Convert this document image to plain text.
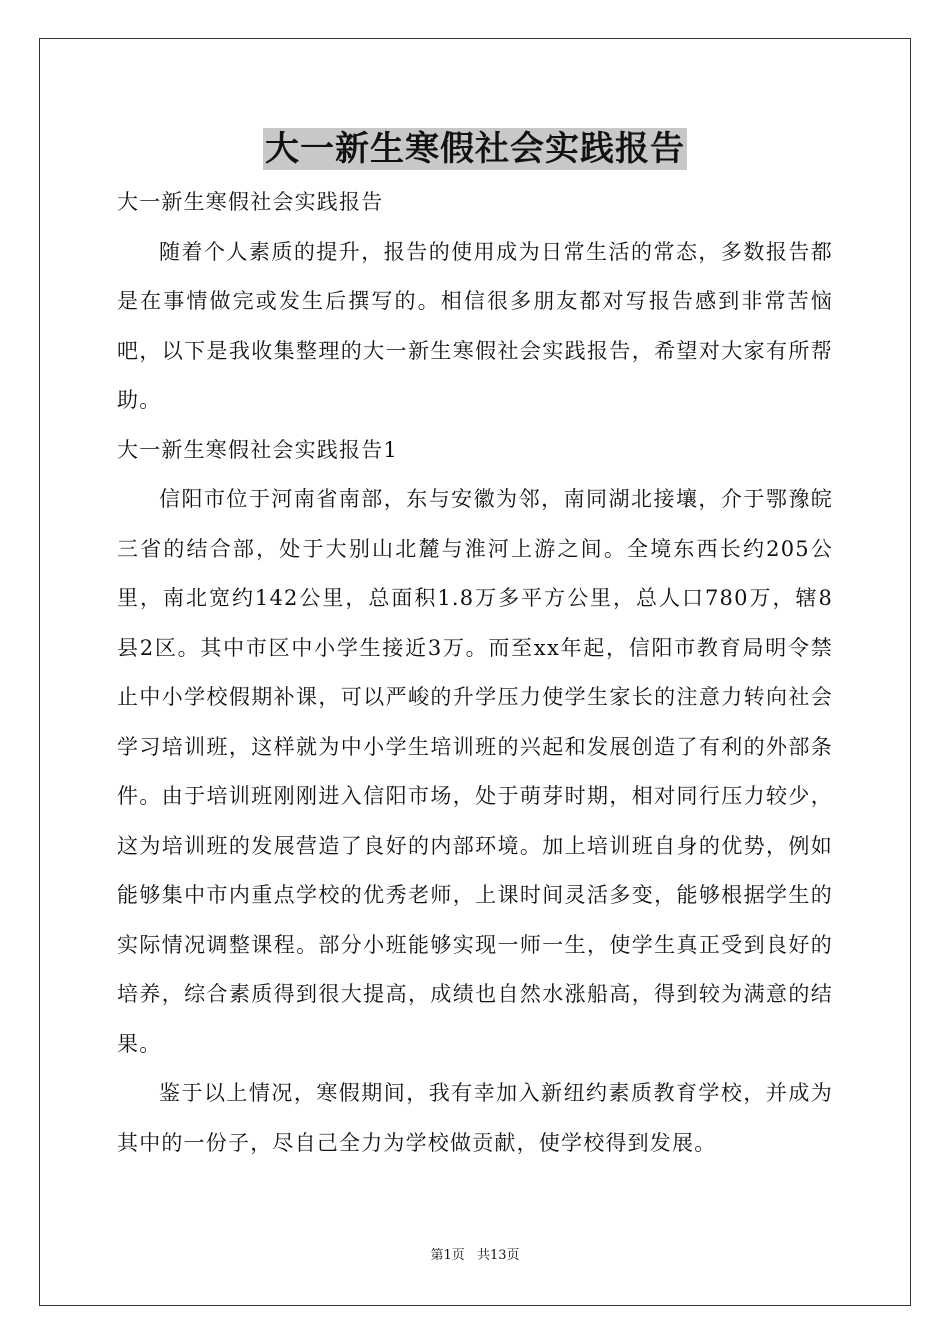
大一新生寒假社会实践报告

大一新生寒假社会实践报告

随着个人素质的提升，报告的使用成为日常生活的常态，多数报告都是在事情做完或发生后撰写的。相信很多朋友都对写报告感到非常苦恼吧，以下是我收集整理的大一新生寒假社会实践报告，希望对大家有所帮助。

大一新生寒假社会实践报告1

信阳市位于河南省南部，东与安徽为邻，南同湖北接壤，介于鄂豫皖三省的结合部，处于大别山北麓与淮河上游之间。全境东西长约205公里，南北宽约142公里，总面积1.8万多平方公里，总人口780万，辖8县2区。其中市区中小学生接近3万。而至xx年起，信阳市教育局明令禁止中小学校假期补课，可以严峻的升学压力使学生家长的注意力转向社会学习培训班，这样就为中小学生培训班的兴起和发展创造了有利的外部条件。由于培训班刚刚进入信阳市场，处于萌芽时期，相对同行压力较少，这为培训班的发展营造了良好的内部环境。加上培训班自身的优势，例如能够集中市内重点学校的优秀老师，上课时间灵活多变，能够根据学生的实际情况调整课程。部分小班能够实现一师一生，使学生真正受到良好的培养，综合素质得到很大提高，成绩也自然水涨船高，得到较为满意的结果。

鉴于以上情况，寒假期间，我有幸加入新纽约素质教育学校，并成为其中的一份子，尽自己全力为学校做贡献，使学校得到发展。

第1页 共13页
